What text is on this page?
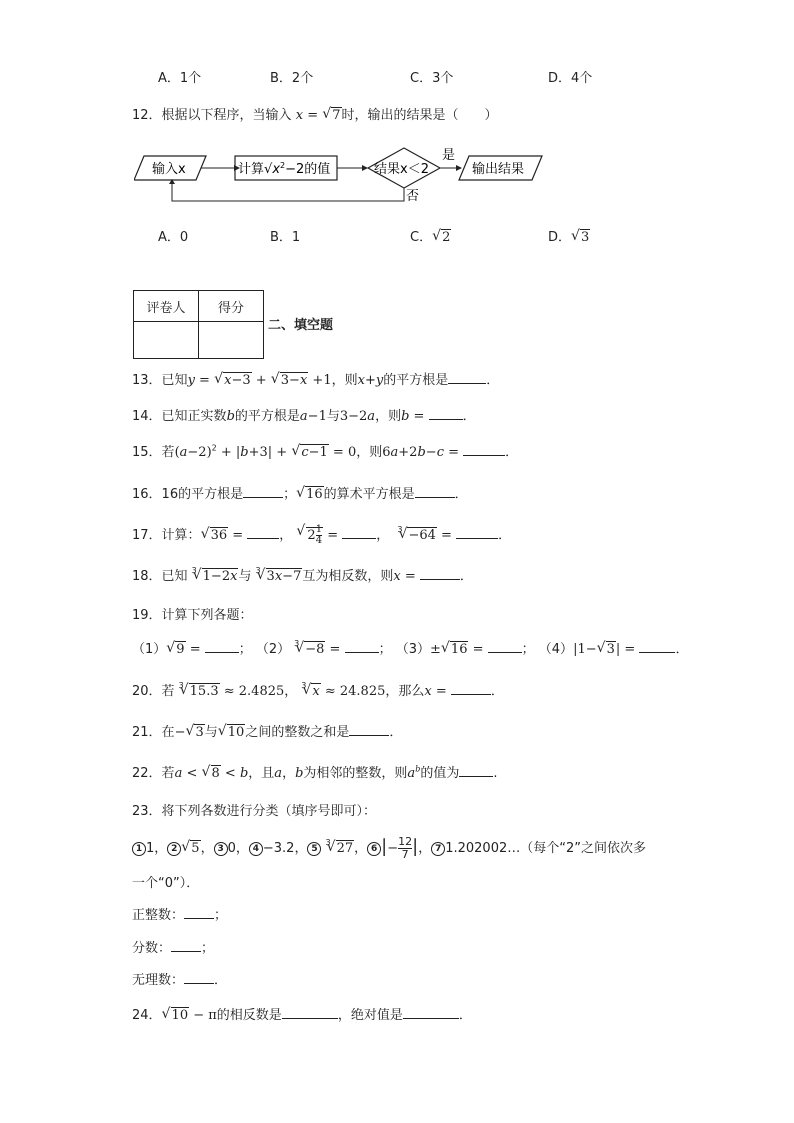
A．1个	B．2个	C．3个	D．4个
12．根据以下程序，当输入 x = √ 7时，输出的结果是（　　）
输入x	计算$√x^2-2$的值	结果x＜2
是
输出结果
否
A．0	B．1	C． √ 2	D． √ 3
评卷人	得分

二、填空题
13．已知y = √ x−3 + √ 3−x +1，则x+y的平方根是	．
14．已知正实数b的平方根是a−1与3−2a，则b =	．
15．若$(a-2)^2 + |b+3|$ + √ c−1 = 0，则6a+2b−c =	．
16．16的平方根是	； √ 16的算术平方根是	．
17．计算： √ 36 = ， √ $2 \frac{1}{4}$ =	， $^3$ √ −64 =	．
18．已知 $^3$ √ 1−2x与 $^3$ √ 3x−7互为相反数，则x =	．
19．计算下列各题：
（1） √ 9 =	； （2） $^3$ √ −8 =	； （3）± √ 16 =	； （4）|1− √ 3| =	．
20．若 $^3$ √ 15.3 ≈ 2.4825， $^3$ √ x ≈ 24.825，那么x =	．
21．在− √ 3与 √ 10之间的整数之和是	．
22．若a < √ 8 < b，且a，b为相邻的整数，则$a^b$的值为	.
23．将下列各数进行分类（填序号即可）：
1 1， 2 √ 5， 3 0， 4 −3.2， $5^3$ √ 27， 6 |− $\frac{12}{7}$ |， 7 1.202002…（每个“2”之间依次多
一个“0”）．
正整数： ；
分数： ；
无理数： ．
24． √ 10 − π的相反数是	，绝对值是	．
